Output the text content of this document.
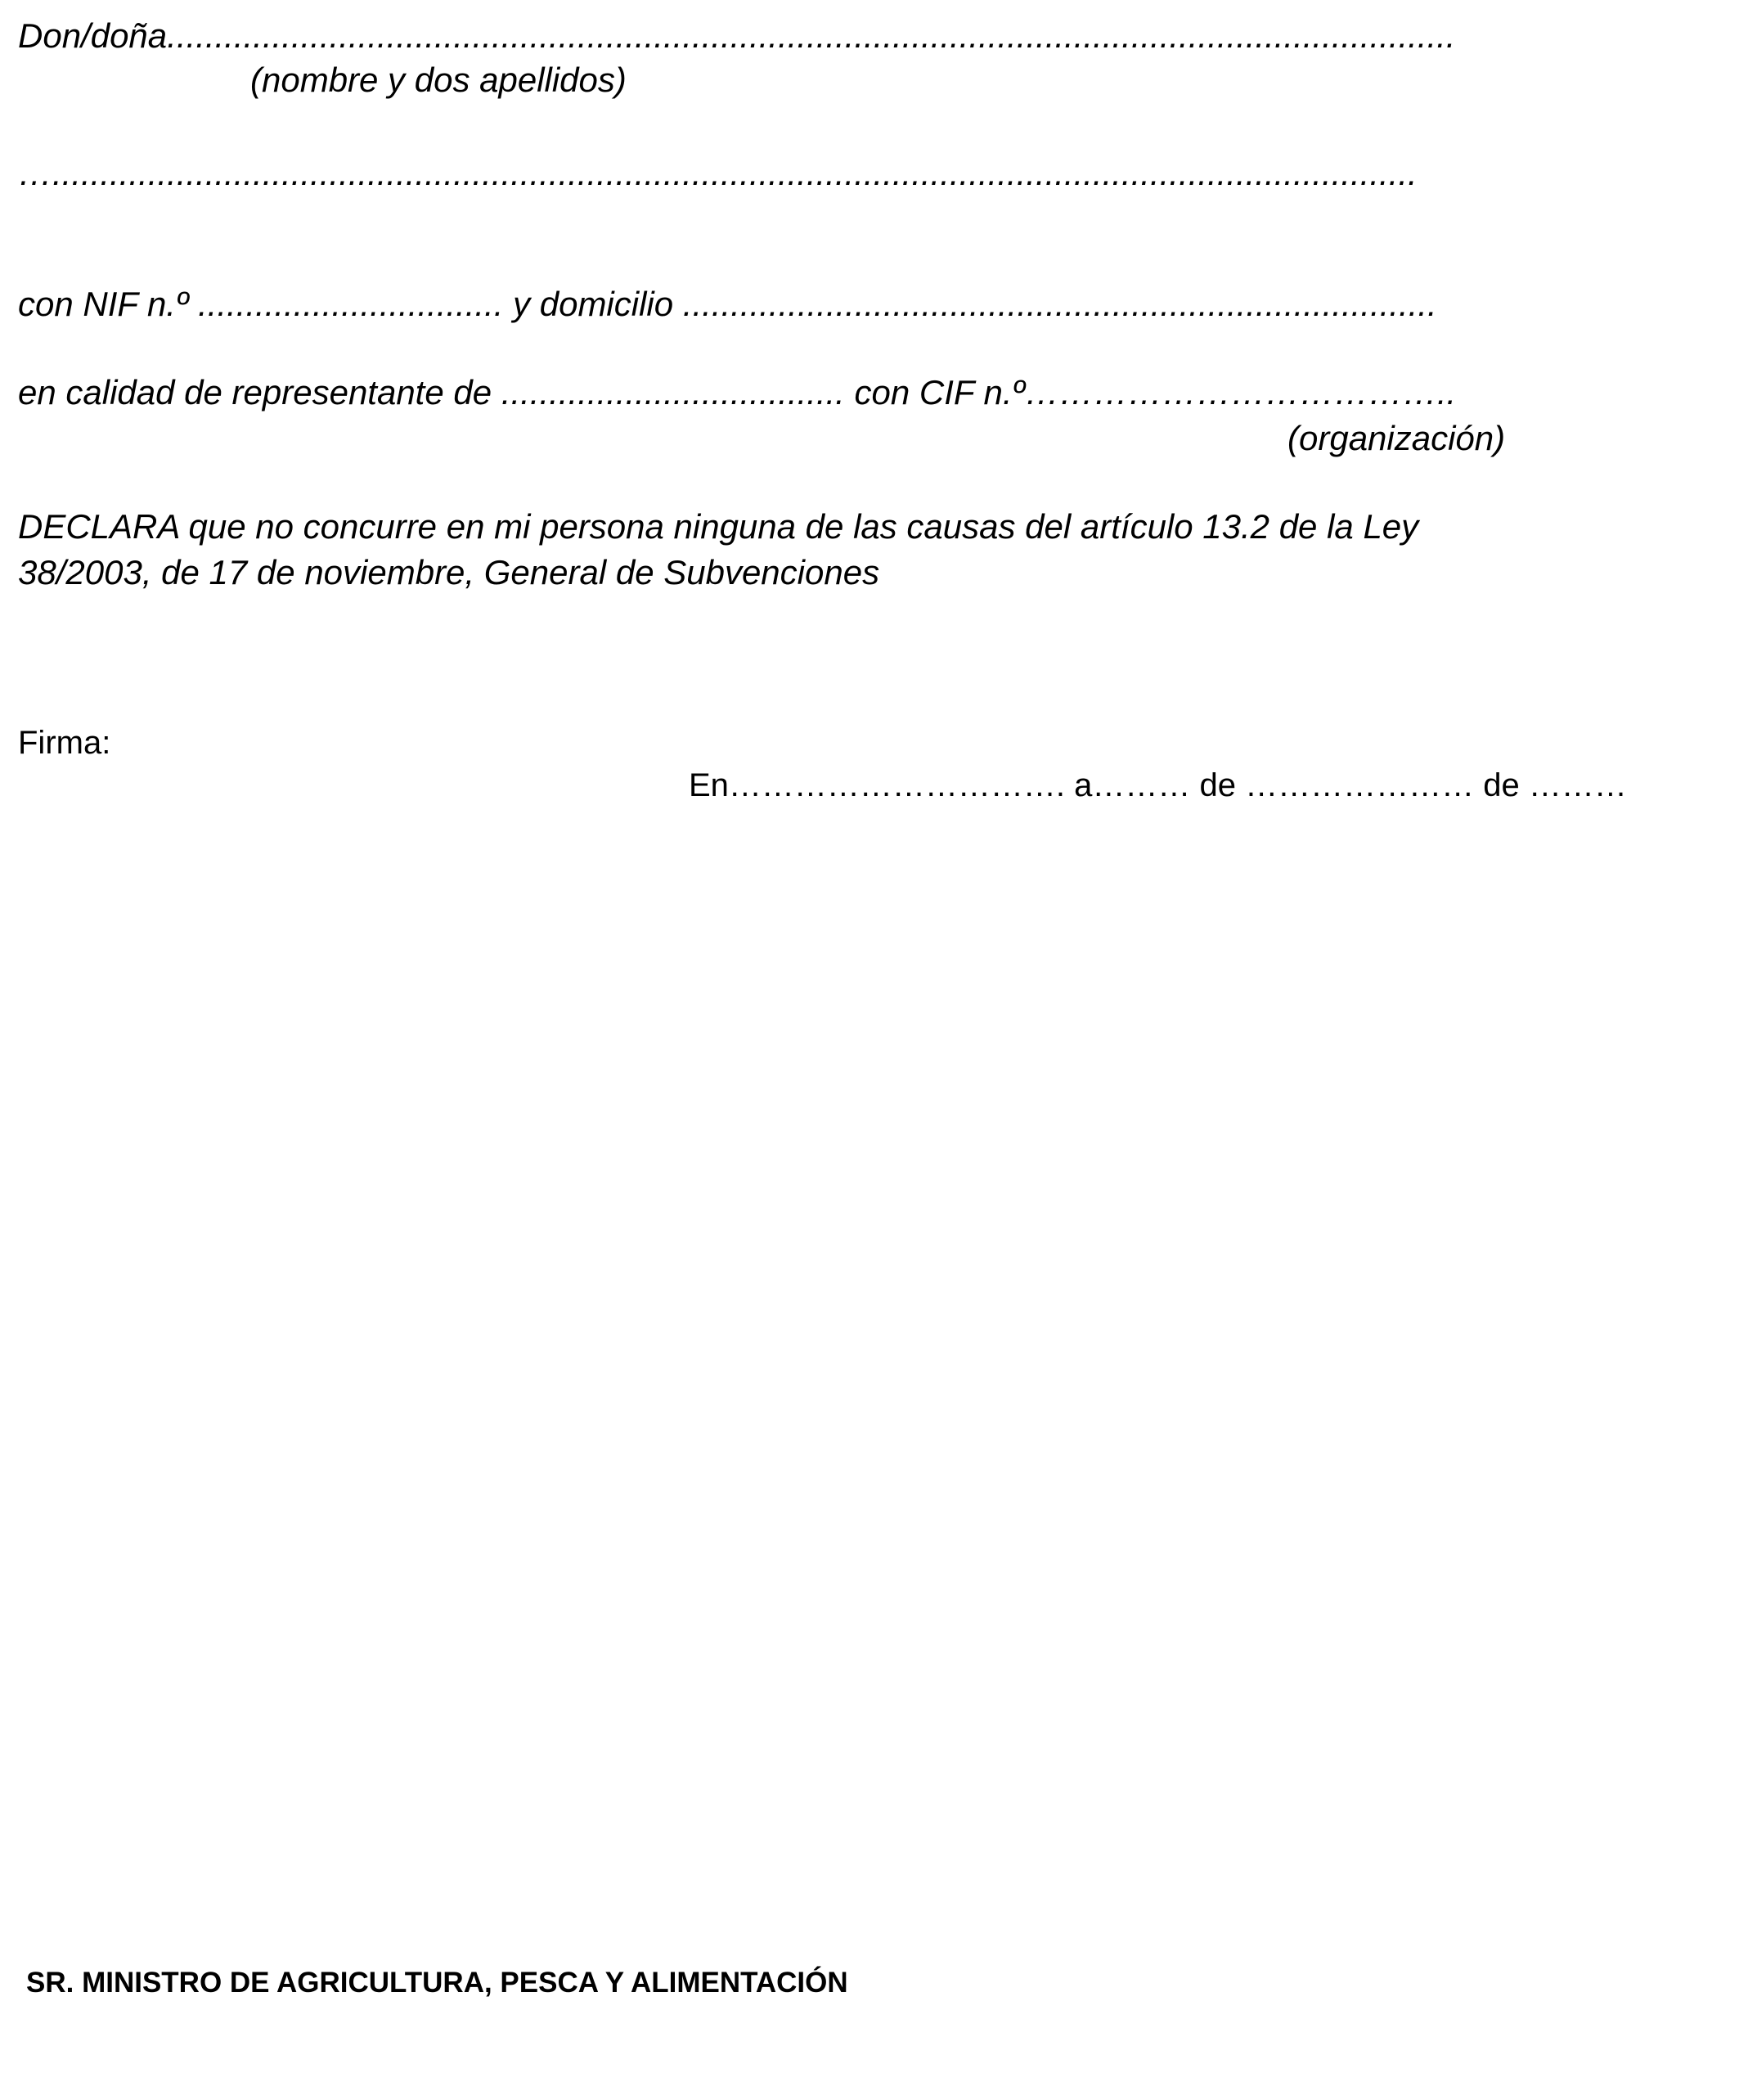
Don/doña.......................................................................................................................................
(nombre y dos apellidos)
…...............................................................................................................................................
con NIF n.º ................................ y domicilio ...............................................................................
en calidad de representante de .................................... con CIF n.º………………………………..
(organización)
DECLARA que no concurre en mi persona ninguna de las causas del artículo 13.2 de la Ley
38/2003, de 17 de noviembre, General de Subvenciones
Firma:
En…………………………. a……… de ………………… de ………
SR. MINISTRO DE AGRICULTURA, PESCA Y ALIMENTACIÓN
